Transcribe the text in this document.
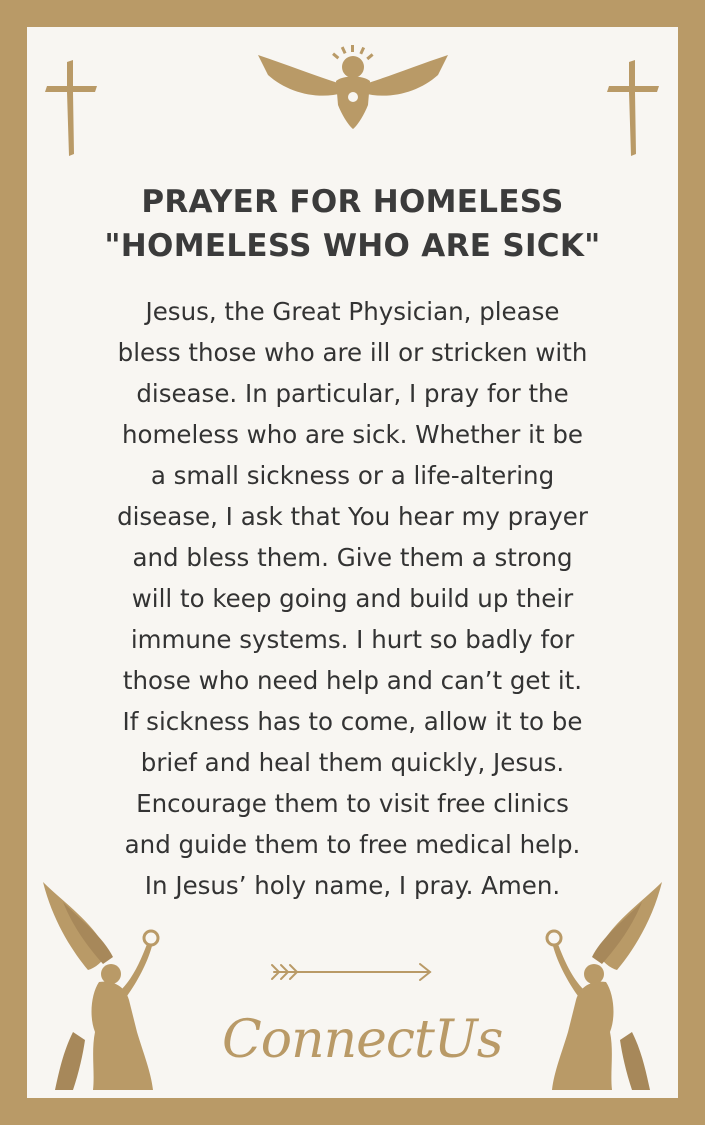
PRAYER FOR HOMELESS
"HOMELESS WHO ARE SICK"

Jesus, the Great Physician, please
bless those who are ill or stricken with
disease. In particular, I pray for the
homeless who are sick. Whether it be
a small sickness or a life-altering
disease, I ask that You hear my prayer
and bless them. Give them a strong
will to keep going and build up their
immune systems. I hurt so badly for
those who need help and can’t get it.
If sickness has to come, allow it to be
brief and heal them quickly, Jesus.
Encourage them to visit free clinics
and guide them to free medical help.
In Jesus’ holy name, I pray. Amen.

ConnectUs
